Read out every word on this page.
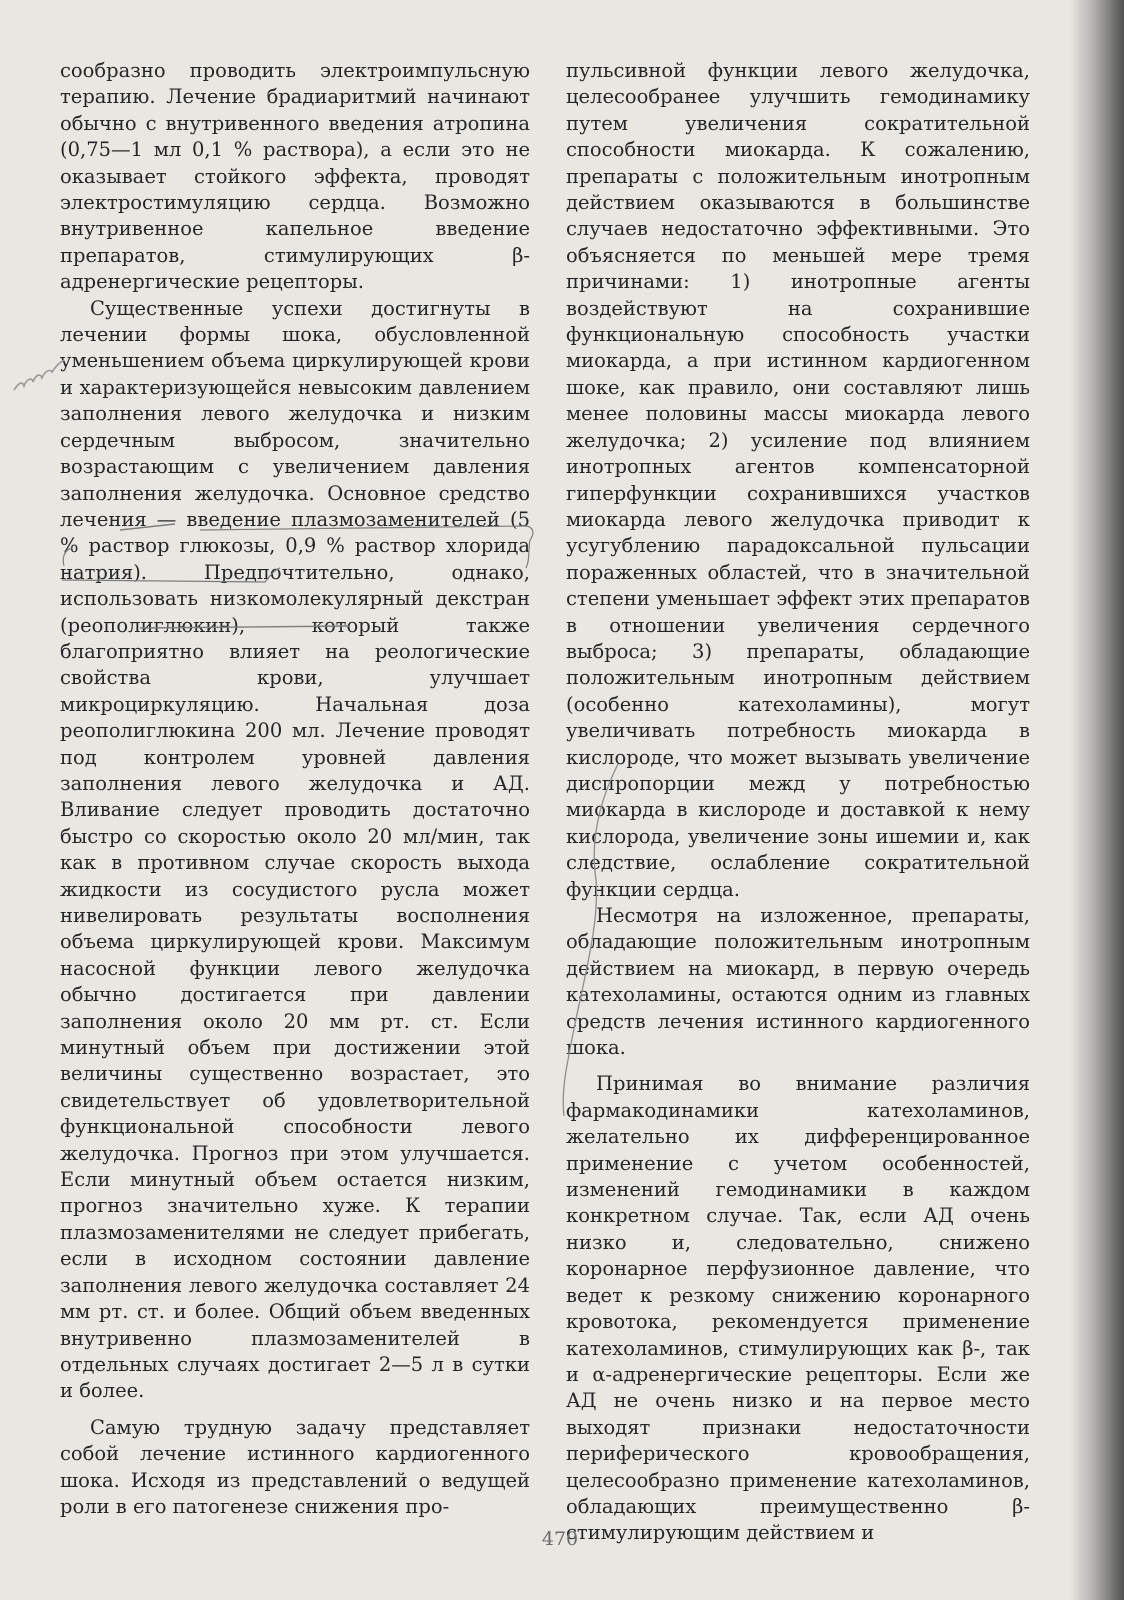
сообразно проводить электроимпульсную терапию. Лечение брадиаритмий начинают обычно с внутривенного введения атропина (0,75—1 мл 0,1 % раствора), а если это не оказывает стойкого эффекта, проводят электростимуляцию сердца. Возможно внутривенное капельное введение препаратов, стимулирующих β-адренергические рецепторы.

Существенные успехи достигнуты в лечении формы шока, обусловленной уменьшением объема циркулирующей крови и характеризующейся невысоким давлением заполнения левого желудочка и низким сердечным выбросом, значительно возрастающим с увеличением давления заполнения желудочка. Основное средство лечения — введение плазмозаменителей (5 % раствор глюкозы, 0,9 % раствор хлорида натрия). Предпочтительно, однако, использовать низкомолекулярный декстран (реополиглюкин), который также благоприятно влияет на реологические свойства крови, улучшает микроциркуляцию. Начальная доза реополиглюкина 200 мл. Лечение проводят под контролем уровней давления заполнения левого желудочка и АД. Вливание следует проводить достаточно быстро со скоростью около 20 мл/мин, так как в противном случае скорость выхода жидкости из сосудистого русла может нивелировать результаты восполнения объема циркулирующей крови. Максимум насосной функции левого желудочка обычно достигается при давлении заполнения около 20 мм рт. ст. Если минутный объем при достижении этой величины существенно возрастает, это свидетельствует об удовлетворительной функциональной способности левого желудочка. Прогноз при этом улучшается. Если минутный объем остается низким, прогноз значительно хуже. К терапии плазмозаменителями не следует прибегать, если в исходном состоянии давление заполнения левого желудочка составляет 24 мм рт. ст. и более. Общий объем введенных внутривенно плазмозаменителей в отдельных случаях достигает 2—5 л в сутки и более.

Самую трудную задачу представляет собой лечение истинного кардиогенного шока. Исходя из представлений о ведущей роли в его патогенезе снижения про-

пульсивной функции левого желудочка, целесообранее улучшить гемодинамику путем увеличения сократительной способности миокарда. К сожалению, препараты с положительным инотропным действием оказываются в большинстве случаев недостаточно эффективными. Это объясняется по меньшей мере тремя причинами: 1) инотропные агенты воздействуют на сохранившие функциональную способность участки миокарда, а при истинном кардиогенном шоке, как правило, они составляют лишь менее половины массы миокарда левого желудочка; 2) усиление под влиянием инотропных агентов компенсаторной гиперфункции сохранившихся участков миокарда левого желудочка приводит к усугублению парадоксальной пульсации пораженных областей, что в значительной степени уменьшает эффект этих препаратов в отношении увеличения сердечного выброса; 3) препараты, обладающие положительным инотропным действием (особенно катехоламины), могут увеличивать потребность миокарда в кислороде, что может вызывать увеличение диспропорции межд у потребностью миокарда в кислороде и доставкой к нему кислорода, увеличение зоны ишемии и, как следствие, ослабление сократительной функции сердца.

Несмотря на изложенное, препараты, обладающие положительным инотропным действием на миокард, в первую очередь катехоламины, остаются одним из главных средств лечения истинного кардиогенного шока.

Принимая во внимание различия фармакодинамики катехоламинов, желательно их дифференцированное применение с учетом особенностей, изменений гемодинамики в каждом конкретном случае. Так, если АД очень низко и, следовательно, снижено коронарное перфузионное давление, что ведет к резкому снижению коронарного кровотока, рекомендуется применение катехоламинов, стимулирующих как β-, так и α-адренергические рецепторы. Если же АД не очень низко и на первое место выходят признаки недостаточности периферического кровообращения, целесообразно применение катехоламинов, обладающих преимущественно β-стимулирующим действием и

470
